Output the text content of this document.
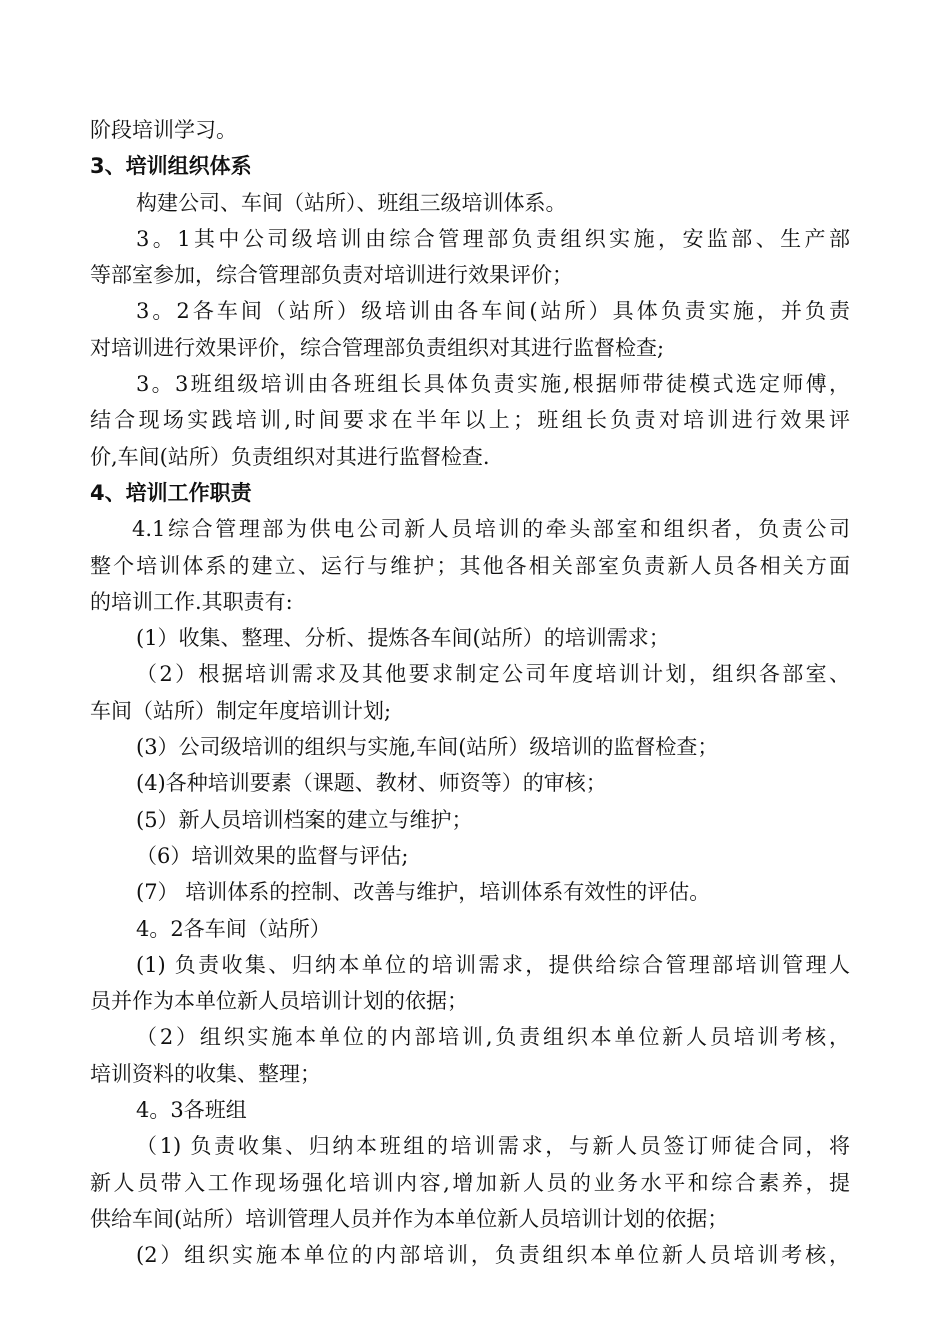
阶段培训学习。
3、培训组织体系
构建公司、车间（站所）、班组三级培训体系。
3。1其中公司级培训由综合管理部负责组织实施，安监部、生产部
等部室参加，综合管理部负责对培训进行效果评价；
3。2各车间（站所）级培训由各车间(站所）具体负责实施，并负责
对培训进行效果评价，综合管理部负责组织对其进行监督检查;
3。3班组级培训由各班组长具体负责实施,根据师带徒模式选定师傅，
结合现场实践培训,时间要求在半年以上；班组长负责对培训进行效果评
价,车间(站所）负责组织对其进行监督检查.
4、培训工作职责
4.1综合管理部为供电公司新人员培训的牵头部室和组织者，负责公司
整个培训体系的建立、运行与维护；其他各相关部室负责新人员各相关方面
的培训工作.其职责有:
(1）收集、整理、分析、提炼各车间(站所）的培训需求；
（2）根据培训需求及其他要求制定公司年度培训计划，组织各部室、
车间（站所）制定年度培训计划;
(3）公司级培训的组织与实施,车间(站所）级培训的监督检查；
(4)各种培训要素（课题、教材、师资等）的审核；
(5）新人员培训档案的建立与维护；
（6）培训效果的监督与评估;
(7） 培训体系的控制、改善与维护，培训体系有效性的评估。
4。2各车间（站所）
(1) 负责收集、归纳本单位的培训需求，提供给综合管理部培训管理人
员并作为本单位新人员培训计划的依据；
（2）组织实施本单位的内部培训,负责组织本单位新人员培训考核，
培训资料的收集、整理；
4。3各班组
（1) 负责收集、归纳本班组的培训需求，与新人员签订师徒合同，将
新人员带入工作现场强化培训内容,增加新人员的业务水平和综合素养，提
供给车间(站所）培训管理人员并作为本单位新人员培训计划的依据；
(2）组织实施本单位的内部培训，负责组织本单位新人员培训考核，
